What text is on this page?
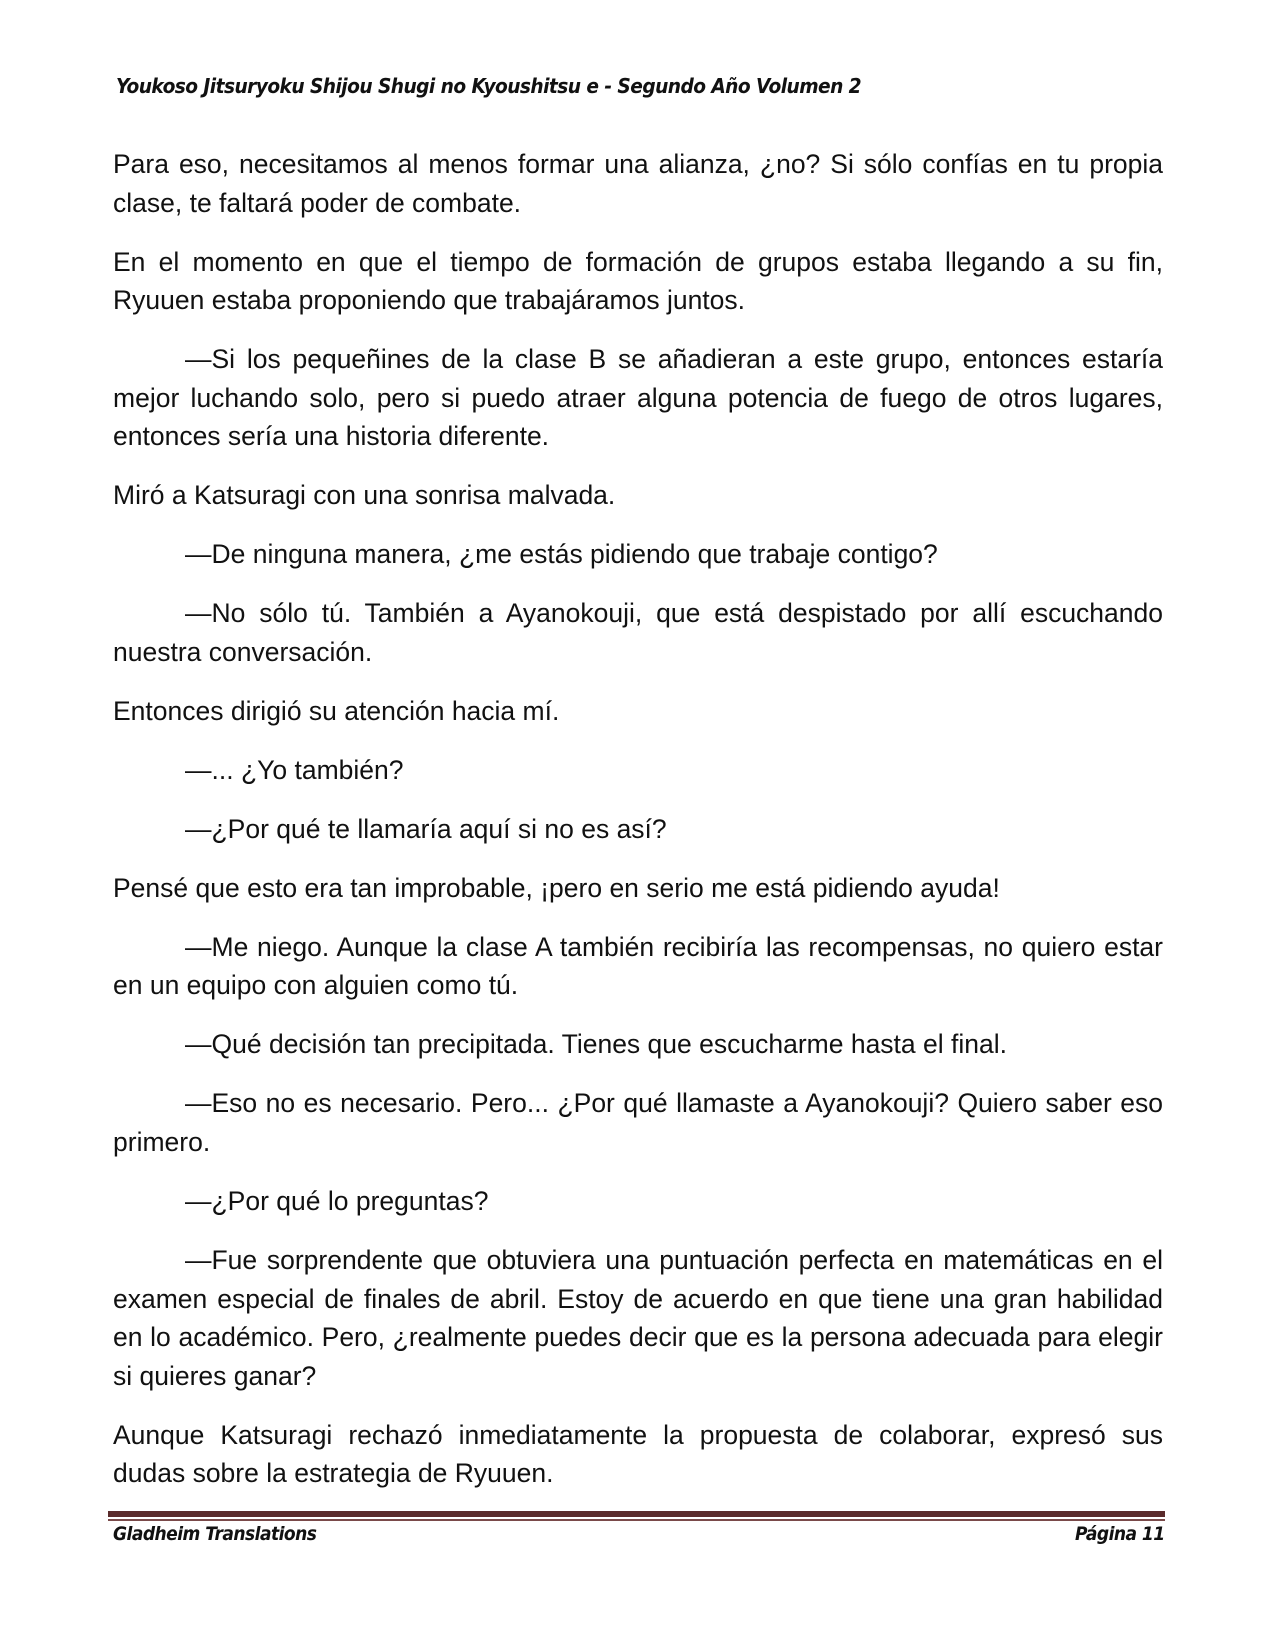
Youkoso Jitsuryoku Shijou Shugi no Kyoushitsu e - Segundo Año Volumen 2

Para eso, necesitamos al menos formar una alianza, ¿no? Si sólo confías en tu propia clase, te faltará poder de combate.

En el momento en que el tiempo de formación de grupos estaba llegando a su fin, Ryuuen estaba proponiendo que trabajáramos juntos.

—Si los pequeñines de la clase B se añadieran a este grupo, entonces estaría mejor luchando solo, pero si puedo atraer alguna potencia de fuego de otros lugares, entonces sería una historia diferente.

Miró a Katsuragi con una sonrisa malvada.

—De ninguna manera, ¿me estás pidiendo que trabaje contigo?

—No sólo tú. También a Ayanokouji, que está despistado por allí escuchando nuestra conversación.

Entonces dirigió su atención hacia mí.

—... ¿Yo también?

—¿Por qué te llamaría aquí si no es así?

Pensé que esto era tan improbable, ¡pero en serio me está pidiendo ayuda!

—Me niego. Aunque la clase A también recibiría las recompensas, no quiero estar en un equipo con alguien como tú.

—Qué decisión tan precipitada. Tienes que escucharme hasta el final.

—Eso no es necesario. Pero... ¿Por qué llamaste a Ayanokouji? Quiero saber eso primero.

—¿Por qué lo preguntas?

—Fue sorprendente que obtuviera una puntuación perfecta en matemáticas en el examen especial de finales de abril. Estoy de acuerdo en que tiene una gran habilidad en lo académico. Pero, ¿realmente puedes decir que es la persona adecuada para elegir si quieres ganar?

Aunque Katsuragi rechazó inmediatamente la propuesta de colaborar, expresó sus dudas sobre la estrategia de Ryuuen.

Gladheim Translations	Página 11
